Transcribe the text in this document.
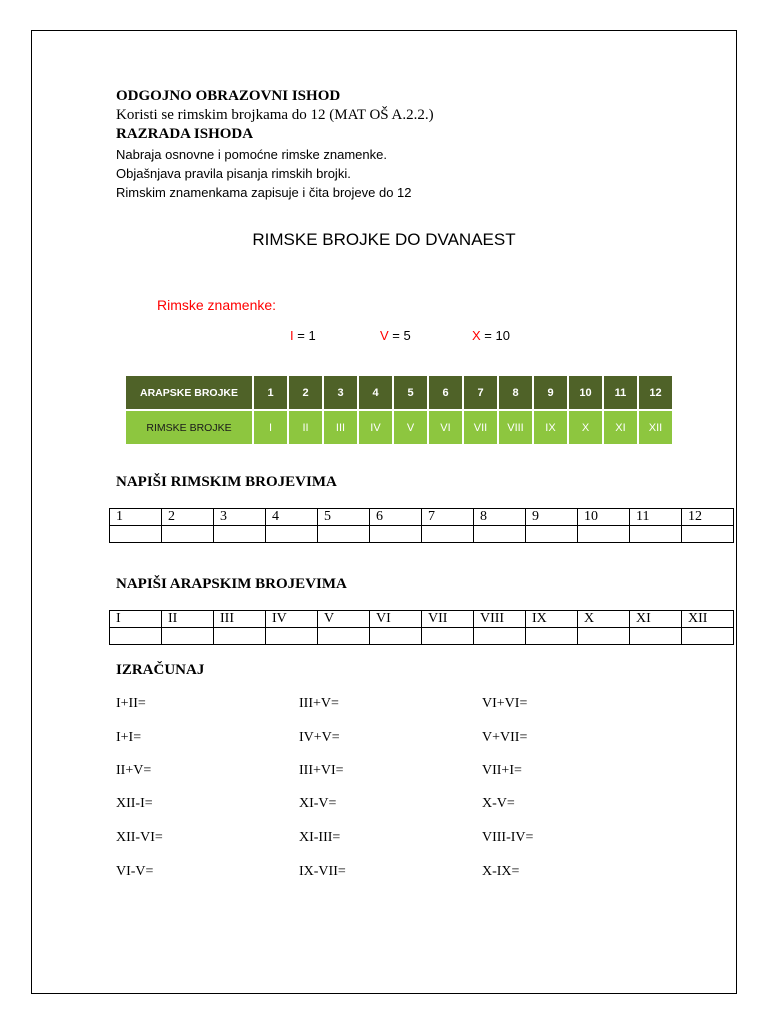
ODGOJNO OBRAZOVNI ISHOD
Koristi se rimskim brojkama do 12 (MAT OŠ A.2.2.)
RAZRADA ISHODA
Nabraja osnovne i pomoćne rimske znamenke.
Objašnjava pravila pisanja rimskih brojki.
Rimskim znamenkama zapisuje i čita brojeve do 12
RIMSKE BROJKE DO DVANAEST
Rimske znamenke:
I = 1	V = 5	X = 10
ARAPSKE BROJKE	1	2	3	4	5	6	7	8	9	10	11	12
RIMSKE BROJKE	I	II	III	IV	V	VI	VII	VIII	IX	X	XI	XII
NAPIŠI RIMSKIM BROJEVIMA
1	2	3	4	5	6	7	8	9	10	11	12

NAPIŠI ARAPSKIM BROJEVIMA
I	II	III	IV	V	VI	VII	VIII	IX	X	XI	XII

IZRAČUNAJ
I+II=	III+V=	VI+VI=
I+I=	IV+V=	V+VII=
II+V=	III+VI=	VII+I=
XII-I=	XI-V=	X-V=
XII-VI=	XI-III=	VIII-IV=
VI-V=	IX-VII=	X-IX=
